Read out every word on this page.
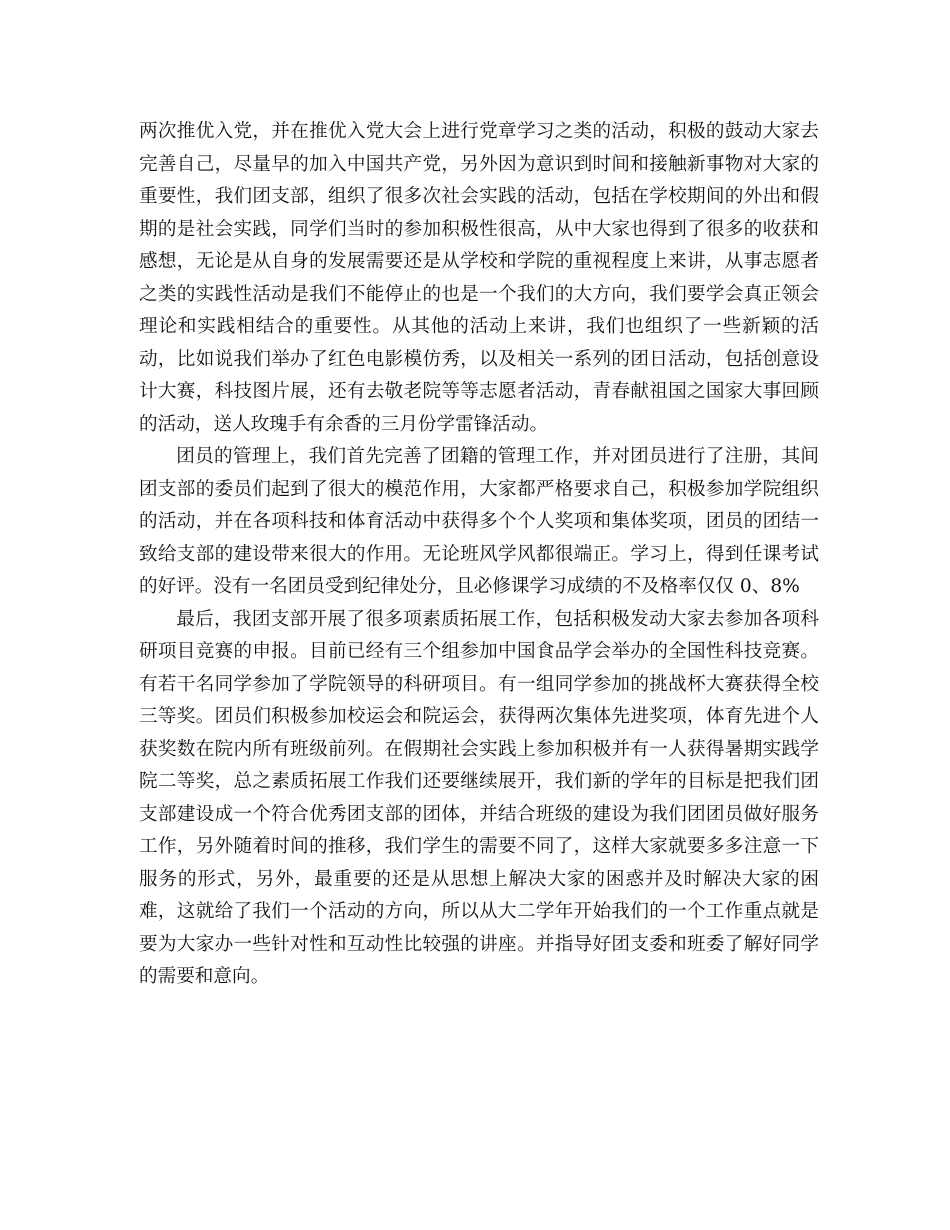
两次推优入党，并在推优入党大会上进行党章学习之类的活动，积极的鼓动大家去完善自己，尽量早的加入中国共产党，另外因为意识到时间和接触新事物对大家的重要性，我们团支部，组织了很多次社会实践的活动，包括在学校期间的外出和假期的是社会实践，同学们当时的参加积极性很高，从中大家也得到了很多的收获和感想，无论是从自身的发展需要还是从学校和学院的重视程度上来讲，从事志愿者之类的实践性活动是我们不能停止的也是一个我们的大方向，我们要学会真正领会理论和实践相结合的重要性。从其他的活动上来讲，我们也组织了一些新颖的活动，比如说我们举办了红色电影模仿秀，以及相关一系列的团日活动，包括创意设计大赛，科技图片展，还有去敬老院等等志愿者活动，青春献祖国之国家大事回顾的活动，送人玫瑰手有余香的三月份学雷锋活动。

团员的管理上，我们首先完善了团籍的管理工作，并对团员进行了注册，其间团支部的委员们起到了很大的模范作用，大家都严格要求自己，积极参加学院组织的活动，并在各项科技和体育活动中获得多个个人奖项和集体奖项，团员的团结一致给支部的建设带来很大的作用。无论班风学风都很端正。学习上，得到任课考试的好评。没有一名团员受到纪律处分，且必修课学习成绩的不及格率仅仅 0、8%

最后，我团支部开展了很多项素质拓展工作，包括积极发动大家去参加各项科研项目竞赛的申报。目前已经有三个组参加中国食品学会举办的全国性科技竞赛。有若干名同学参加了学院领导的科研项目。有一组同学参加的挑战杯大赛获得全校三等奖。团员们积极参加校运会和院运会，获得两次集体先进奖项，体育先进个人获奖数在院内所有班级前列。在假期社会实践上参加积极并有一人获得暑期实践学院二等奖，总之素质拓展工作我们还要继续展开，我们新的学年的目标是把我们团支部建设成一个符合优秀团支部的团体，并结合班级的建设为我们团团员做好服务工作，另外随着时间的推移，我们学生的需要不同了，这样大家就要多多注意一下服务的形式，另外，最重要的还是从思想上解决大家的困惑并及时解决大家的困难，这就给了我们一个活动的方向，所以从大二学年开始我们的一个工作重点就是要为大家办一些针对性和互动性比较强的讲座。并指导好团支委和班委了解好同学的需要和意向。
